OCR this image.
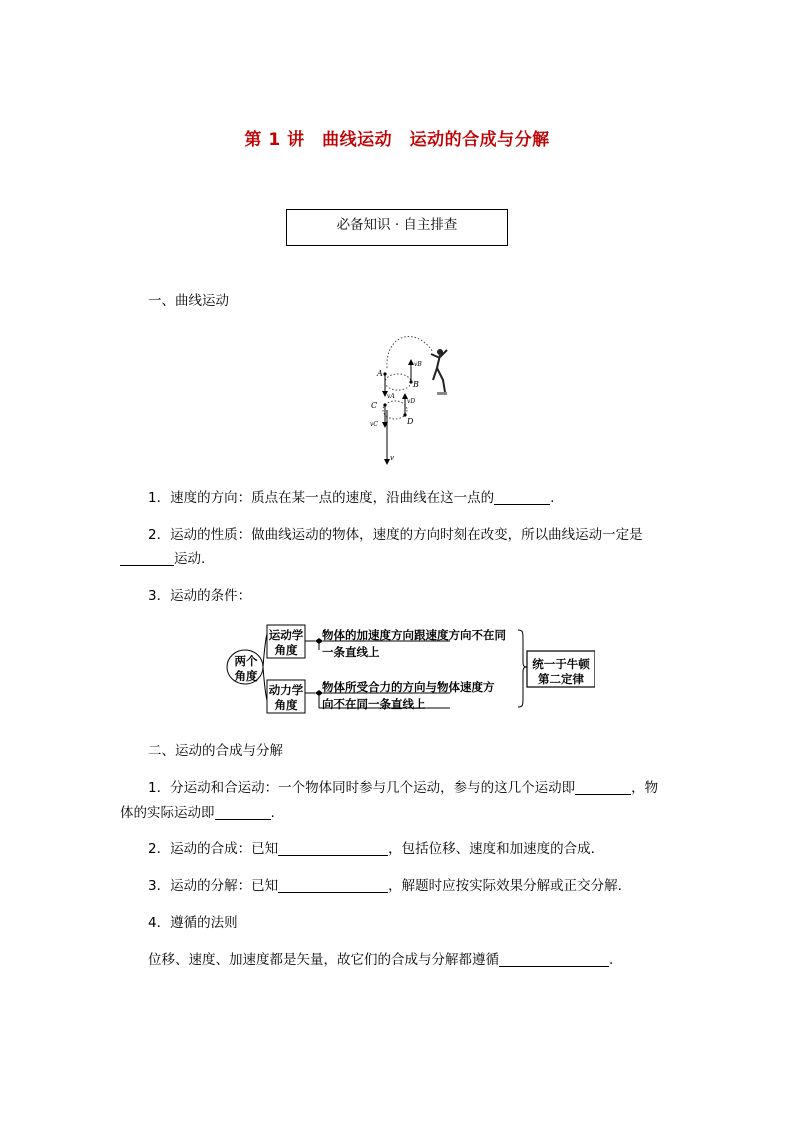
第 1 讲　曲线运动　运动的合成与分解
必备知识 · 自主排查
一、曲线运动
A
B
C
D
vA
vB
vC
vD
v
1．速度的方向：质点在某一点的速度，沿曲线在这一点的	.
2．运动的性质：做曲线运动的物体，速度的方向时刻在改变，所以曲线运动一定是
运动.
3．运动的条件：
两个
角度
运动学
角度
动力学
角度
物体的加速度方向跟速度方向不在同
一条直线上
物体所受合力的方向与物体速度方
向不在同一条直线上
统一于牛顿
第二定律
二、运动的合成与分解
1．分运动和合运动：一个物体同时参与几个运动，参与的这几个运动即	，物
体的实际运动即	.
2．运动的合成：已知	，包括位移、速度和加速度的合成.
3．运动的分解：已知	，解题时应按实际效果分解或正交分解.
4．遵循的法则
位移、速度、加速度都是矢量，故它们的合成与分解都遵循	.
